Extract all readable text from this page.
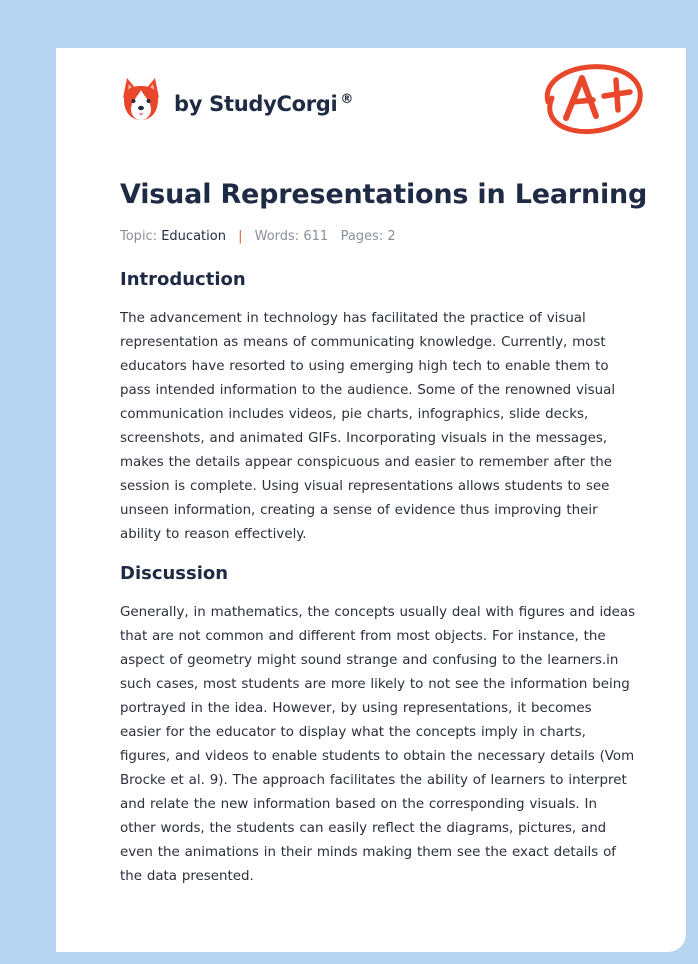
by StudyCorgi ®
Visual Representations in Learning
Topic: Education | Words: 611 Pages: 2
Introduction

The advancement in technology has facilitated the practice of visual representation as means of communicating knowledge. Currently, most educators have resorted to using emerging high tech to enable them to pass intended information to the audience. Some of the renowned visual communication includes videos, pie charts, infographics, slide decks, screenshots, and animated GIFs. Incorporating visuals in the messages, makes the details appear conspicuous and easier to remember after the session is complete. Using visual representations allows students to see unseen information, creating a sense of evidence thus improving their ability to reason effectively.

Discussion

Generally, in mathematics, the concepts usually deal with figures and ideas that are not common and different from most objects. For instance, the aspect of geometry might sound strange and confusing to the learners.in such cases, most students are more likely to not see the information being portrayed in the idea. However, by using representations, it becomes easier for the educator to display what the concepts imply in charts, figures, and videos to enable students to obtain the necessary details (Vom Brocke et al. 9). The approach facilitates the ability of learners to interpret and relate the new information based on the corresponding visuals. In other words, the students can easily reflect the diagrams, pictures, and even the animations in their minds making them see the exact details of the data presented.
